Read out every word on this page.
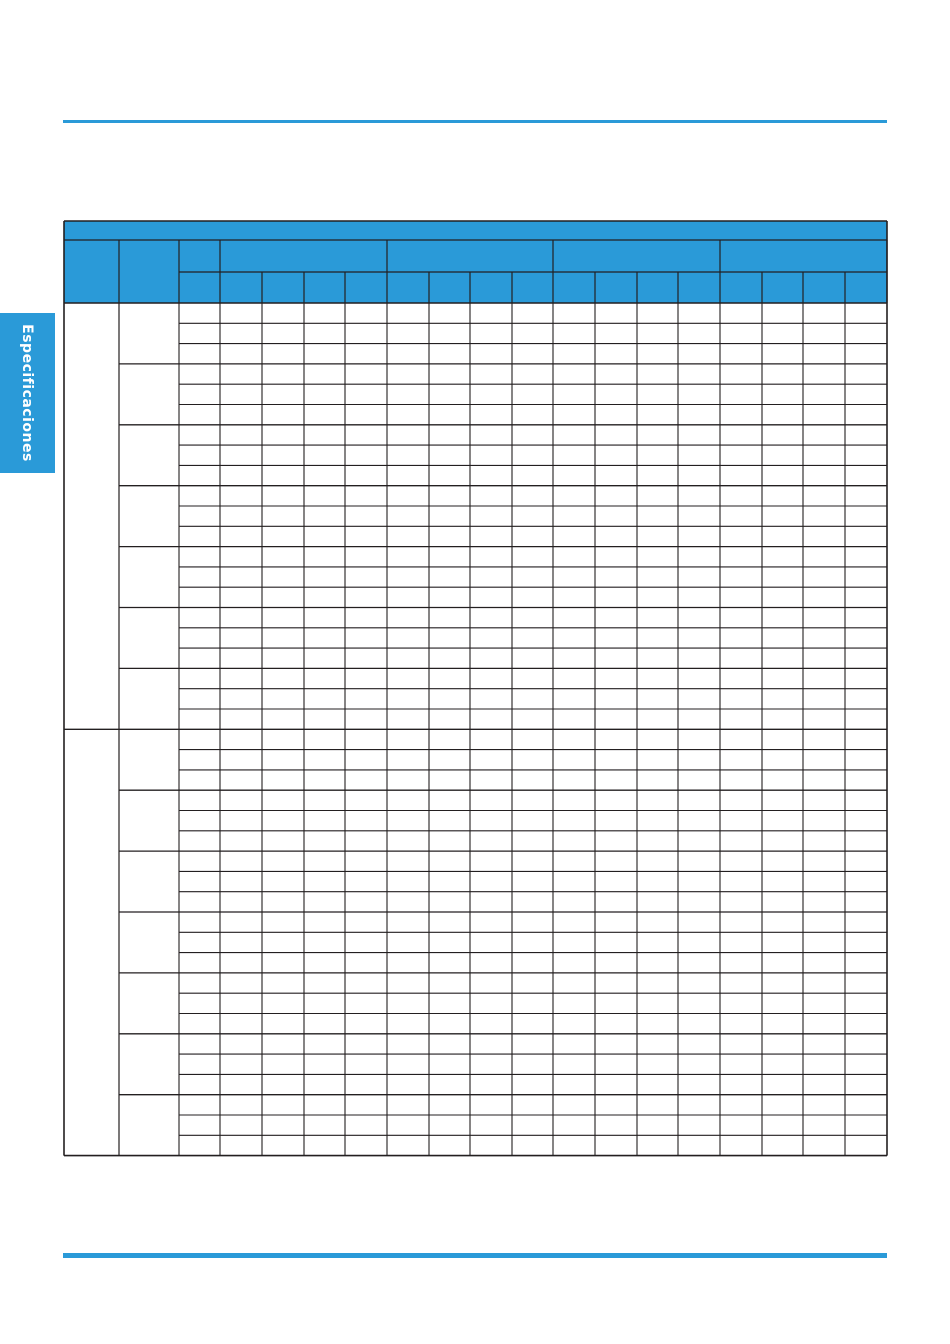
Especificaciones
